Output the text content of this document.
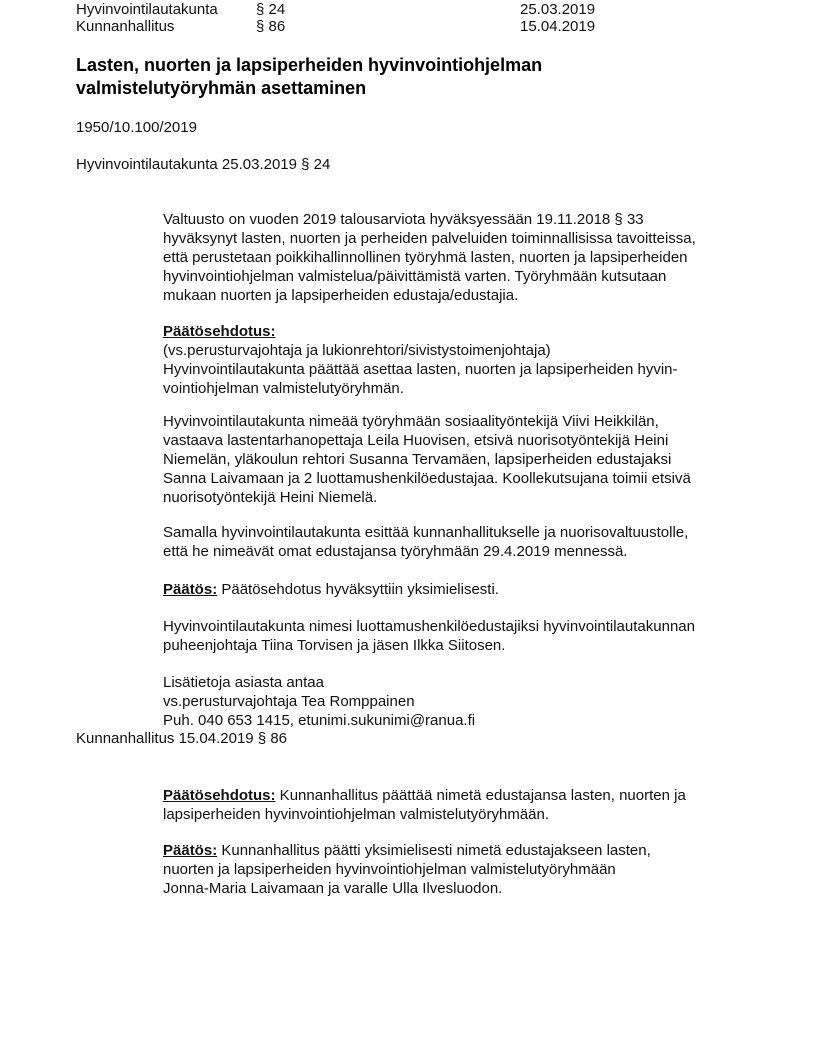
Hyvinvointilautakunta	§ 24	25.03.2019
Kunnanhallitus	§ 86	15.04.2019
Lasten, nuorten ja lapsiperheiden hyvinvointiohjelman
valmistelutyöryhmän asettaminen
1950/10.100/2019
Hyvinvointilautakunta 25.03.2019 § 24
Valtuusto on vuoden 2019 talousarviota hyväksyessään 19.11.2018 § 33
hyväksynyt lasten, nuorten ja perheiden palveluiden toiminnallisissa tavoitteissa,
että perustetaan poikkihallinnollinen työryhmä lasten, nuorten ja lapsiperheiden
hyvinvointiohjelman valmistelua/päivittämistä varten. Työryhmään kutsutaan
mukaan nuorten ja lapsiperheiden edustaja/edustajia.
Päätösehdotus:
(vs.perusturvajohtaja ja lukionrehtori/sivistystoimenjohtaja)
Hyvinvointilautakunta päättää asettaa lasten, nuorten ja lapsiperheiden hyvin-
vointiohjelman valmistelutyöryhmän.
Hyvinvointilautakunta nimeää työryhmään sosiaalityöntekijä Viivi Heikkilän,
vastaava lastentarhanopettaja Leila Huovisen, etsivä nuorisotyöntekijä Heini
Niemelän, yläkoulun rehtori Susanna Tervamäen, lapsiperheiden edustajaksi
Sanna Laivamaan ja 2 luottamushenkilöedustajaa. Koollekutsujana toimii etsivä
nuorisotyöntekijä Heini Niemelä.
Samalla hyvinvointilautakunta esittää kunnanhallitukselle ja nuorisovaltuustolle,
että he nimeävät omat edustajansa työryhmään 29.4.2019 mennessä.
Päätös: Päätösehdotus hyväksyttiin yksimielisesti.
Hyvinvointilautakunta nimesi luottamushenkilöedustajiksi hyvinvointilautakunnan
puheenjohtaja Tiina Torvisen ja jäsen Ilkka Siitosen.
Lisätietoja asiasta antaa
vs.perusturvajohtaja Tea Romppainen
Puh. 040 653 1415, etunimi.sukunimi@ranua.fi
Kunnanhallitus 15.04.2019 § 86
Päätösehdotus: Kunnanhallitus päättää nimetä edustajansa lasten, nuorten ja
lapsiperheiden hyvinvointiohjelman valmistelutyöryhmään.
Päätös: Kunnanhallitus päätti yksimielisesti nimetä edustajakseen lasten,
nuorten ja lapsiperheiden hyvinvointiohjelman valmistelutyöryhmään
Jonna-Maria Laivamaan ja varalle Ulla Ilvesluodon.
